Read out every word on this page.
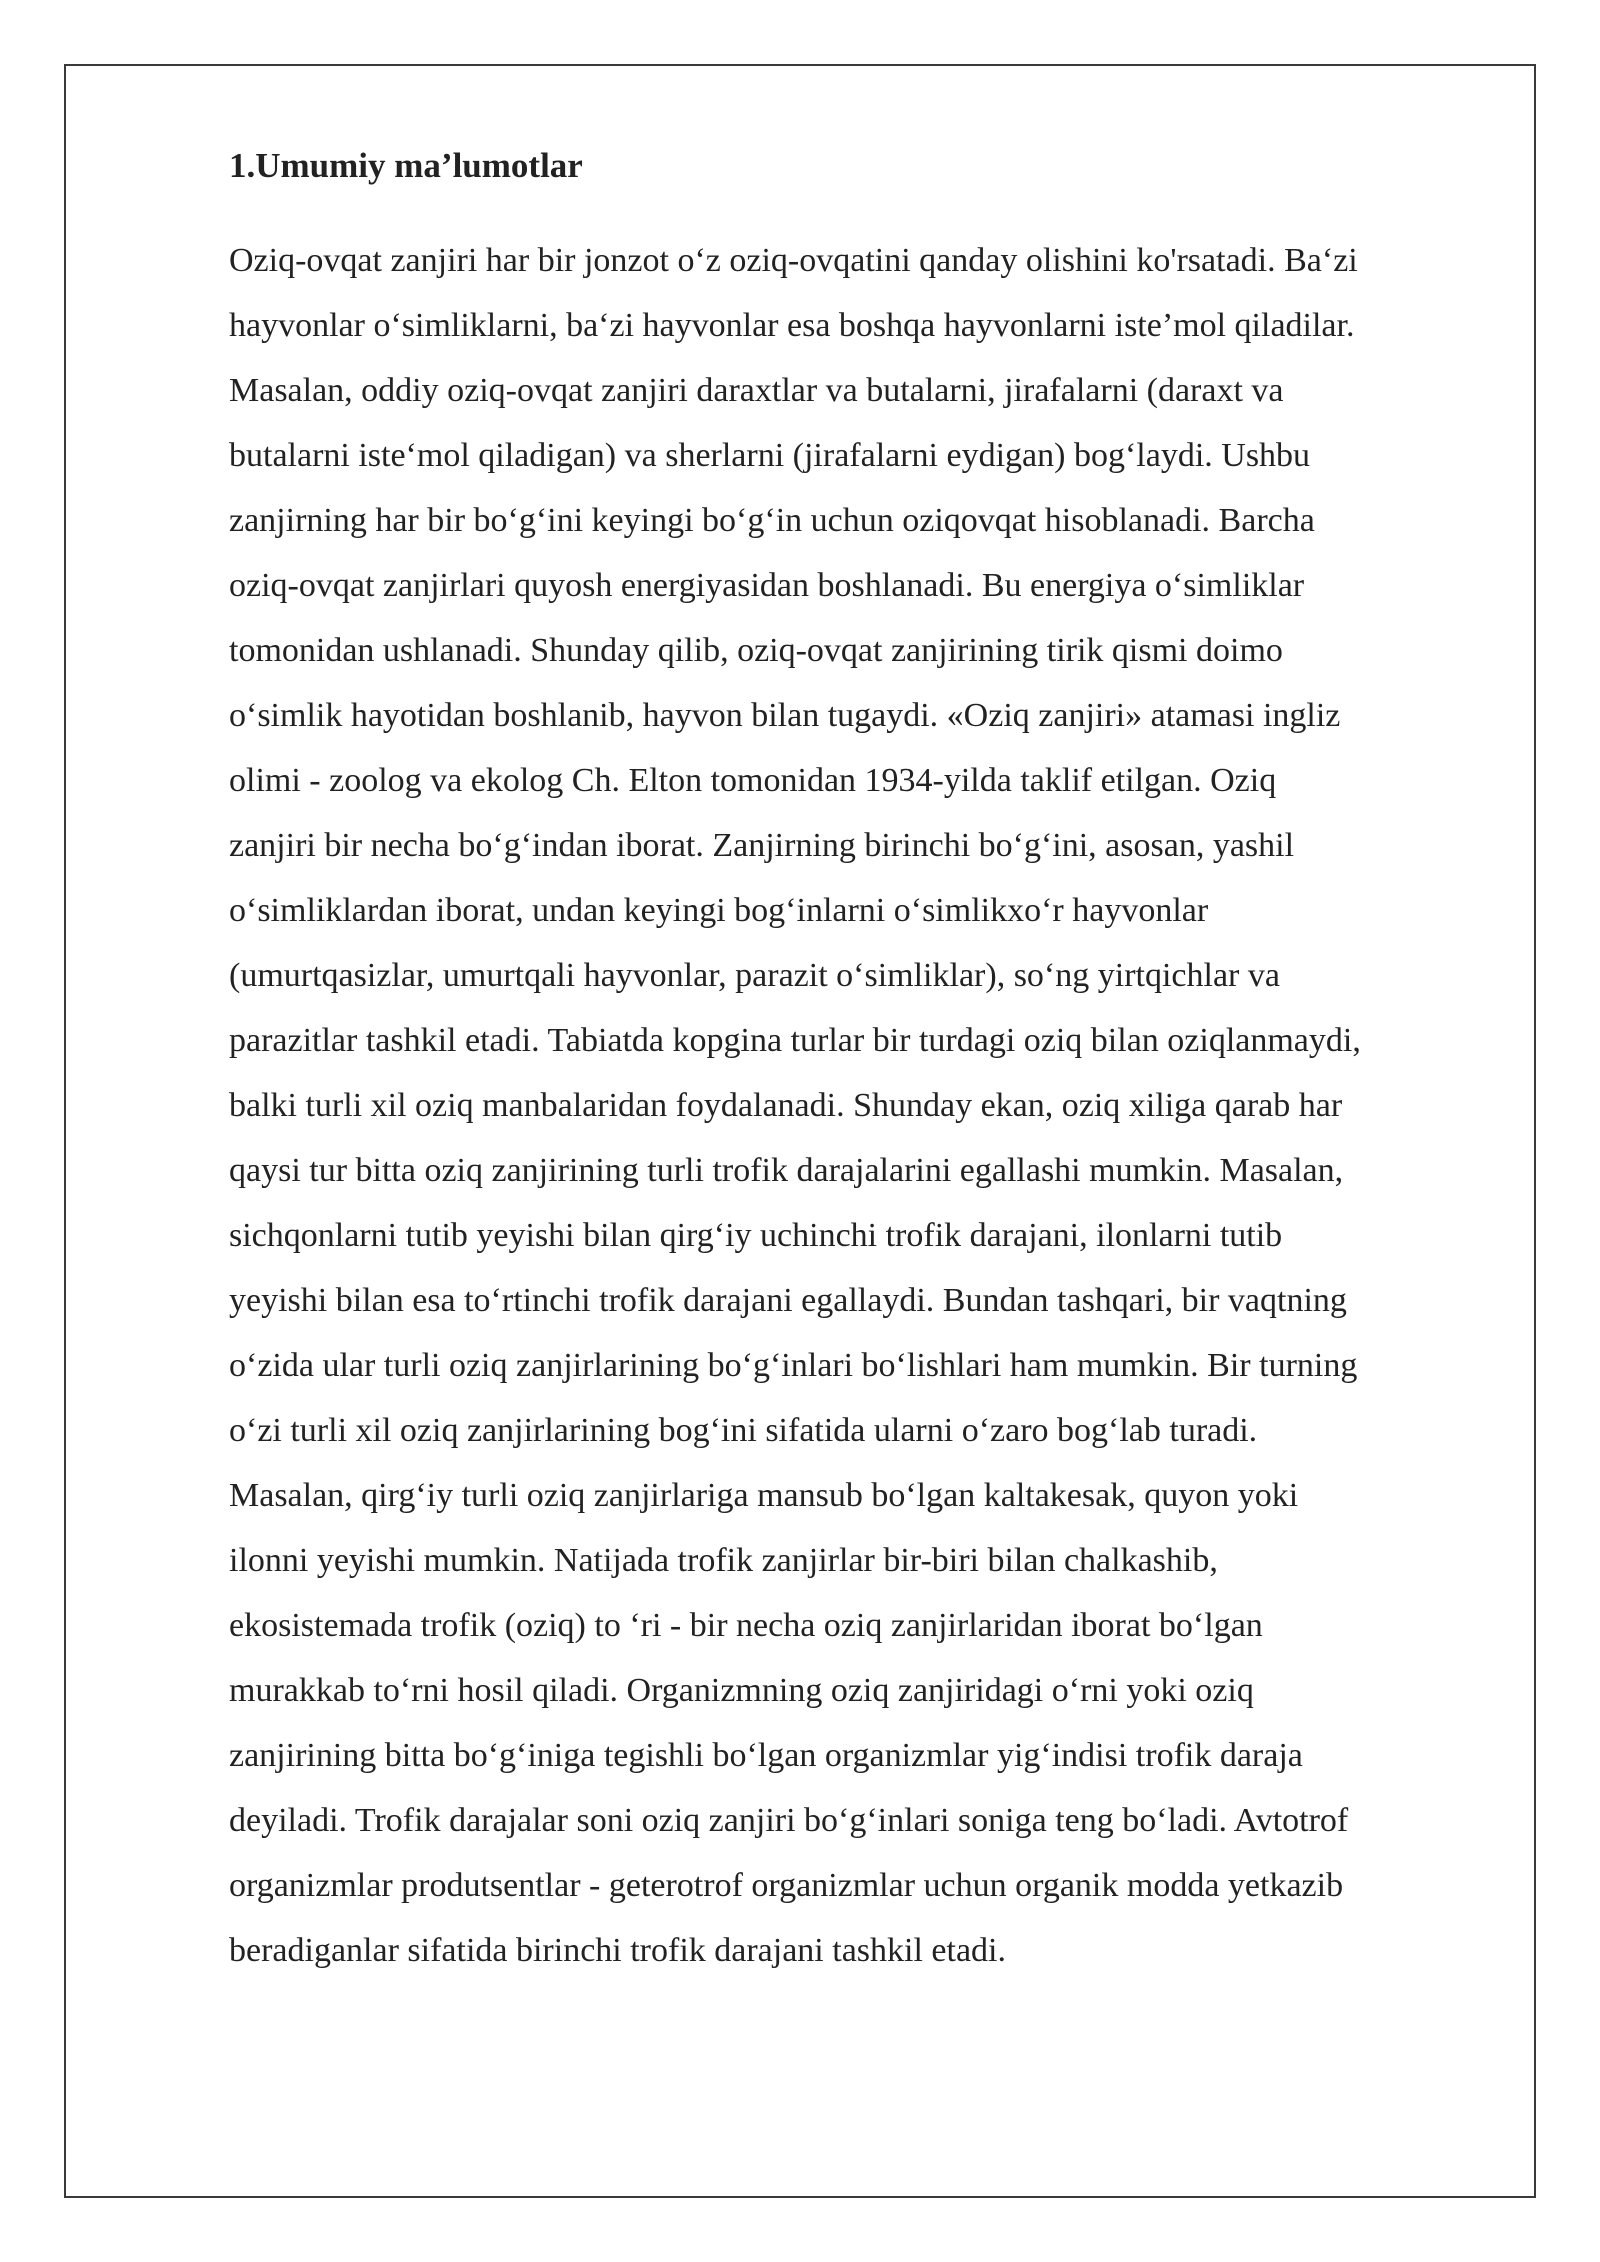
1.Umumiy ma’lumotlar
Oziq-ovqat zanjiri har bir jonzot o‘z oziq-ovqatini qanday olishini ko'rsatadi. Ba‘zi
hayvonlar o‘simliklarni, ba‘zi hayvonlar esa boshqa hayvonlarni iste’mol qiladilar.
Masalan, oddiy oziq-ovqat zanjiri daraxtlar va butalarni, jirafalarni (daraxt va
butalarni iste‘mol qiladigan) va sherlarni (jirafalarni eydigan) bog‘laydi. Ushbu
zanjirning har bir bo‘g‘ini keyingi bo‘g‘in uchun oziqovqat hisoblanadi. Barcha
oziq-ovqat zanjirlari quyosh energiyasidan boshlanadi. Bu energiya o‘simliklar
tomonidan ushlanadi. Shunday qilib, oziq-ovqat zanjirining tirik qismi doimo
o‘simlik hayotidan boshlanib, hayvon bilan tugaydi. «Oziq zanjiri» atamasi ingliz
olimi - zoolog va ekolog Ch. Elton tomonidan 1934-yilda taklif etilgan. Oziq
zanjiri bir necha bo‘g‘indan iborat. Zanjirning birinchi bo‘g‘ini, asosan, yashil
o‘simliklardan iborat, undan keyingi bog‘inlarni o‘simlikxo‘r hayvonlar
(umurtqasizlar, umurtqali hayvonlar, parazit o‘simliklar), so‘ng yirtqichlar va
parazitlar tashkil etadi. Tabiatda kopgina turlar bir turdagi oziq bilan oziqlanmaydi,
balki turli xil oziq manbalaridan foydalanadi. Shunday ekan, oziq xiliga qarab har
qaysi tur bitta oziq zanjirining turli trofik darajalarini egallashi mumkin. Masalan,
sichqonlarni tutib yeyishi bilan qirg‘iy uchinchi trofik darajani, ilonlarni tutib
yeyishi bilan esa to‘rtinchi trofik darajani egallaydi. Bundan tashqari, bir vaqtning
o‘zida ular turli oziq zanjirlarining bo‘g‘inlari bo‘lishlari ham mumkin. Bir turning
o‘zi turli xil oziq zanjirlarining bog‘ini sifatida ularni o‘zaro bog‘lab turadi.
Masalan, qirg‘iy turli oziq zanjirlariga mansub bo‘lgan kaltakesak, quyon yoki
ilonni yeyishi mumkin. Natijada trofik zanjirlar bir-biri bilan chalkashib,
ekosistemada trofik (oziq) to ‘ri - bir necha oziq zanjirlaridan iborat bo‘lgan
murakkab to‘rni hosil qiladi. Organizmning oziq zanjiridagi o‘rni yoki oziq
zanjirining bitta bo‘g‘iniga tegishli bo‘lgan organizmlar yig‘indisi trofik daraja
deyiladi. Trofik darajalar soni oziq zanjiri bo‘g‘inlari soniga teng bo‘ladi. Avtotrof
organizmlar produtsentlar - geterotrof organizmlar uchun organik modda yetkazib
beradiganlar sifatida birinchi trofik darajani tashkil etadi.
